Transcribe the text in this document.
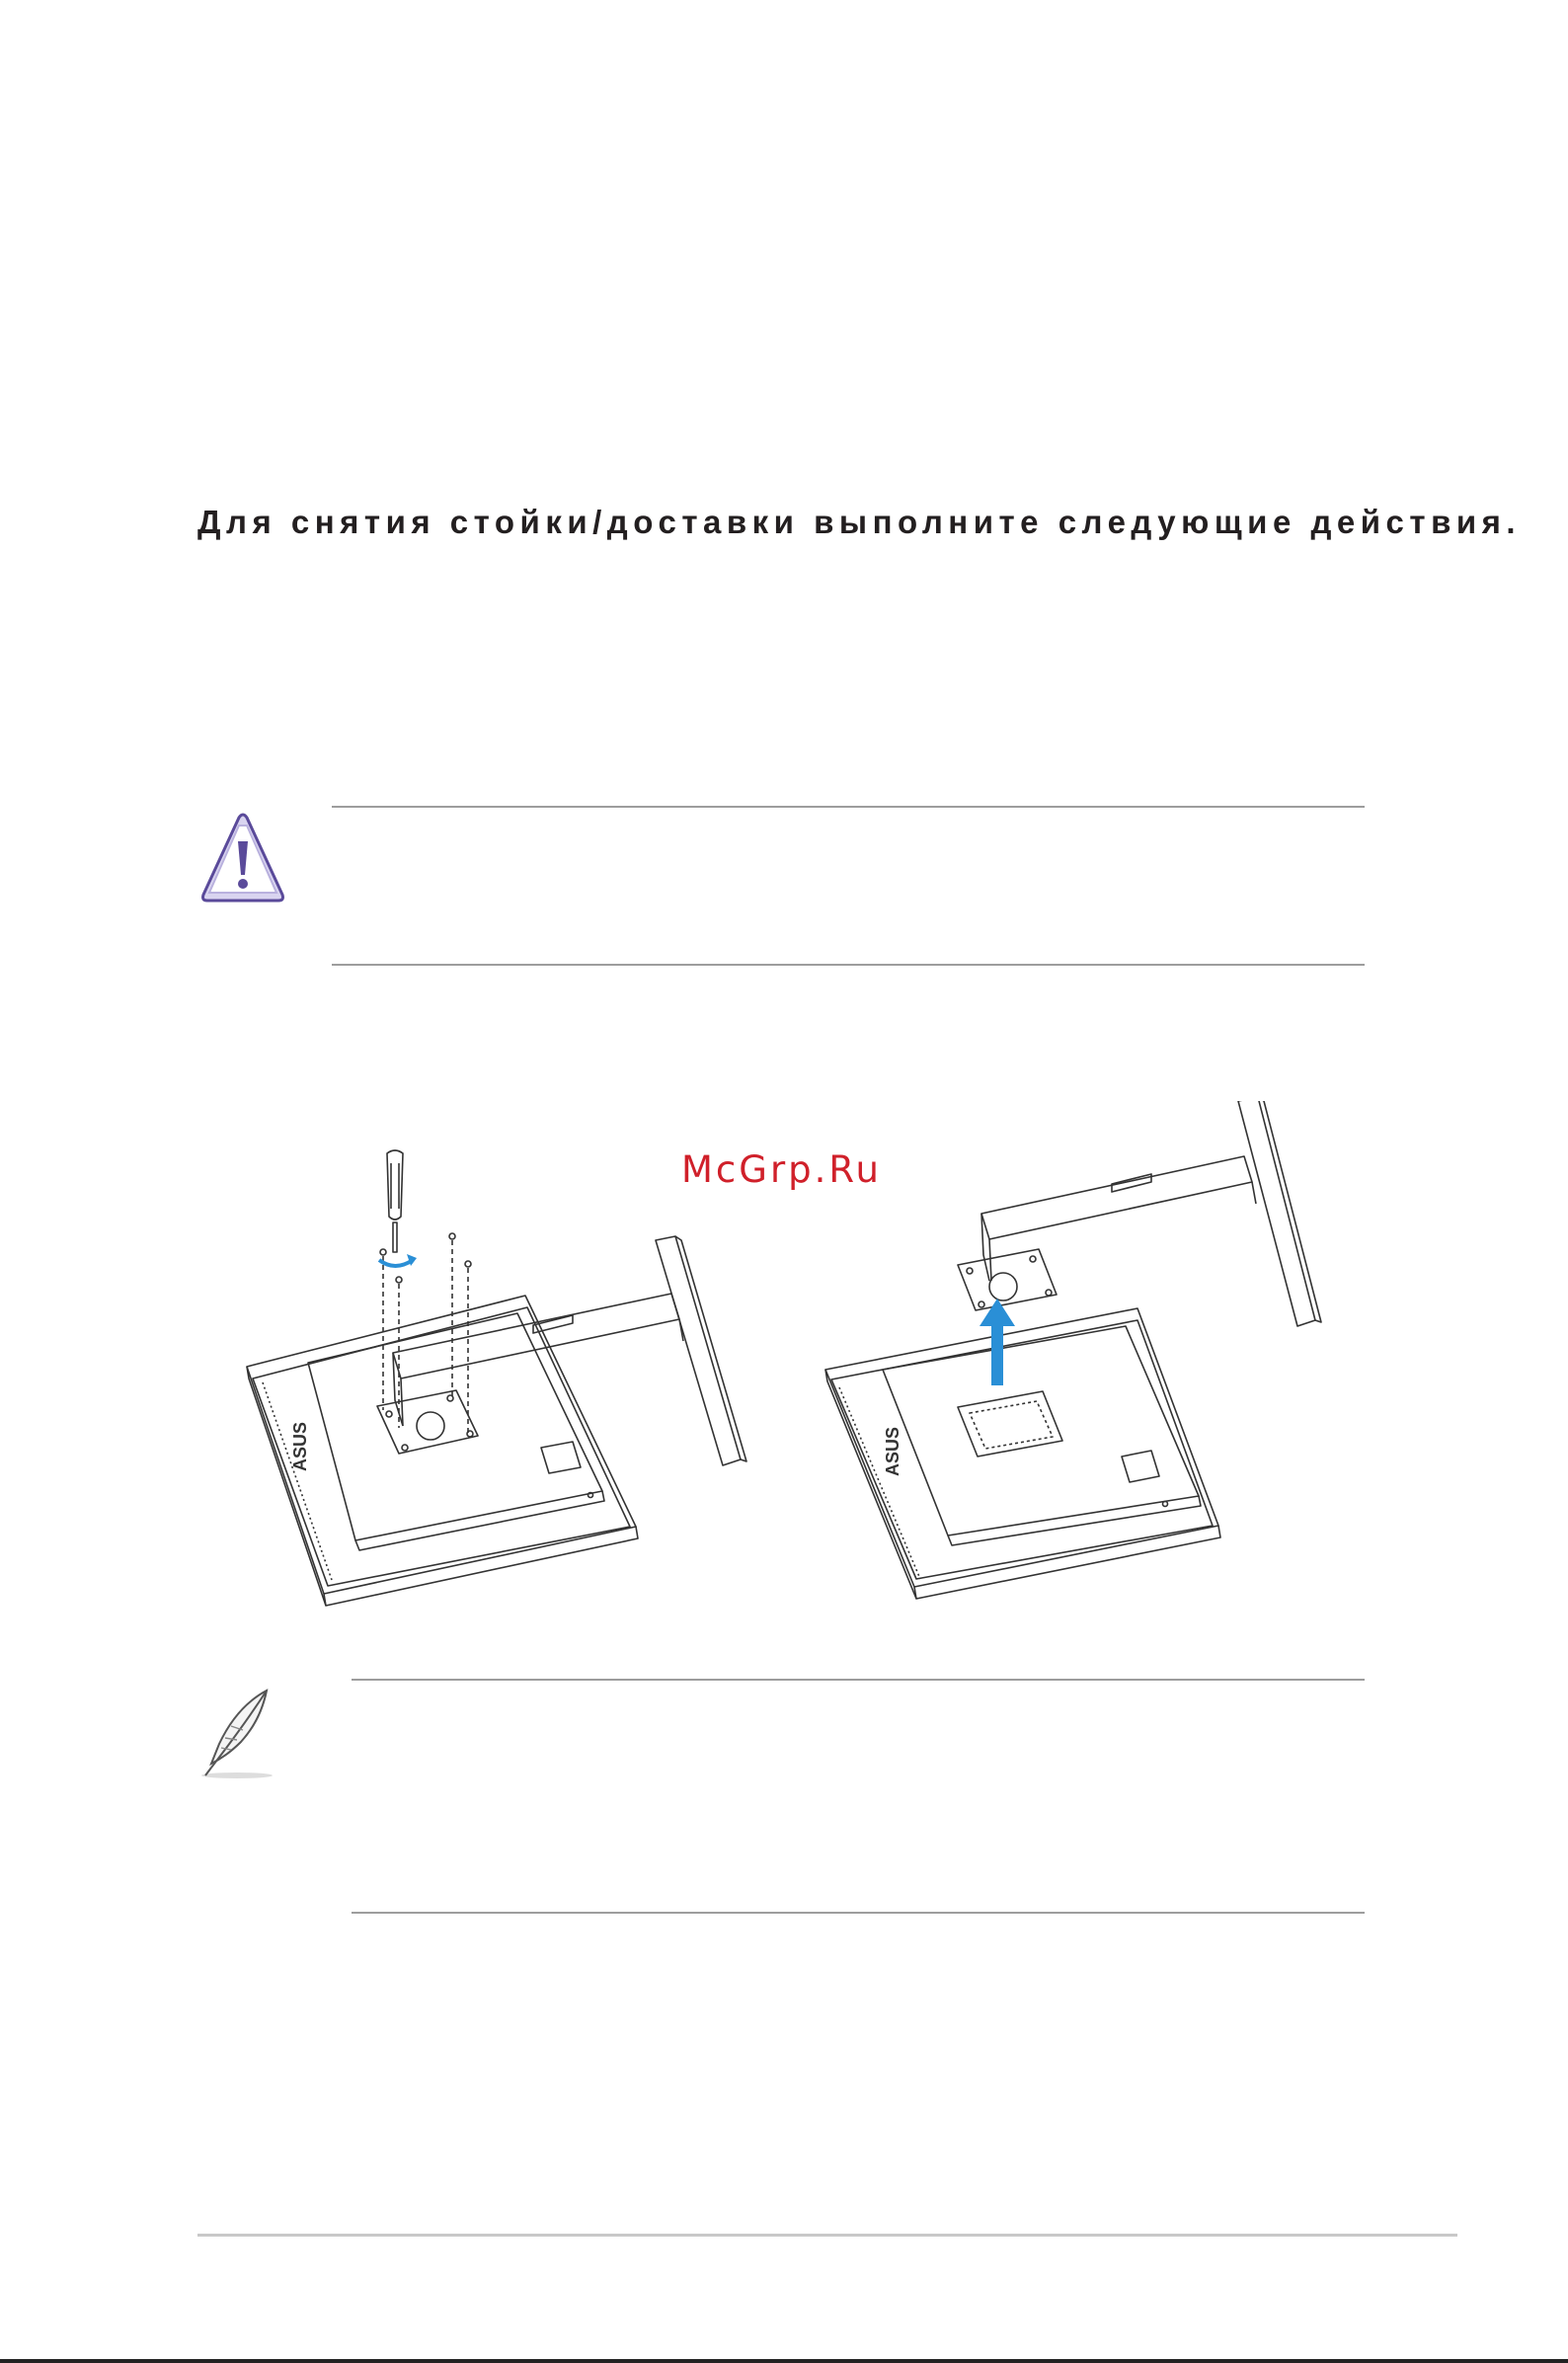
Для снятия стойки/доставки выполните следующие действия.
McGrp.Ru
ASUS	ASUS
